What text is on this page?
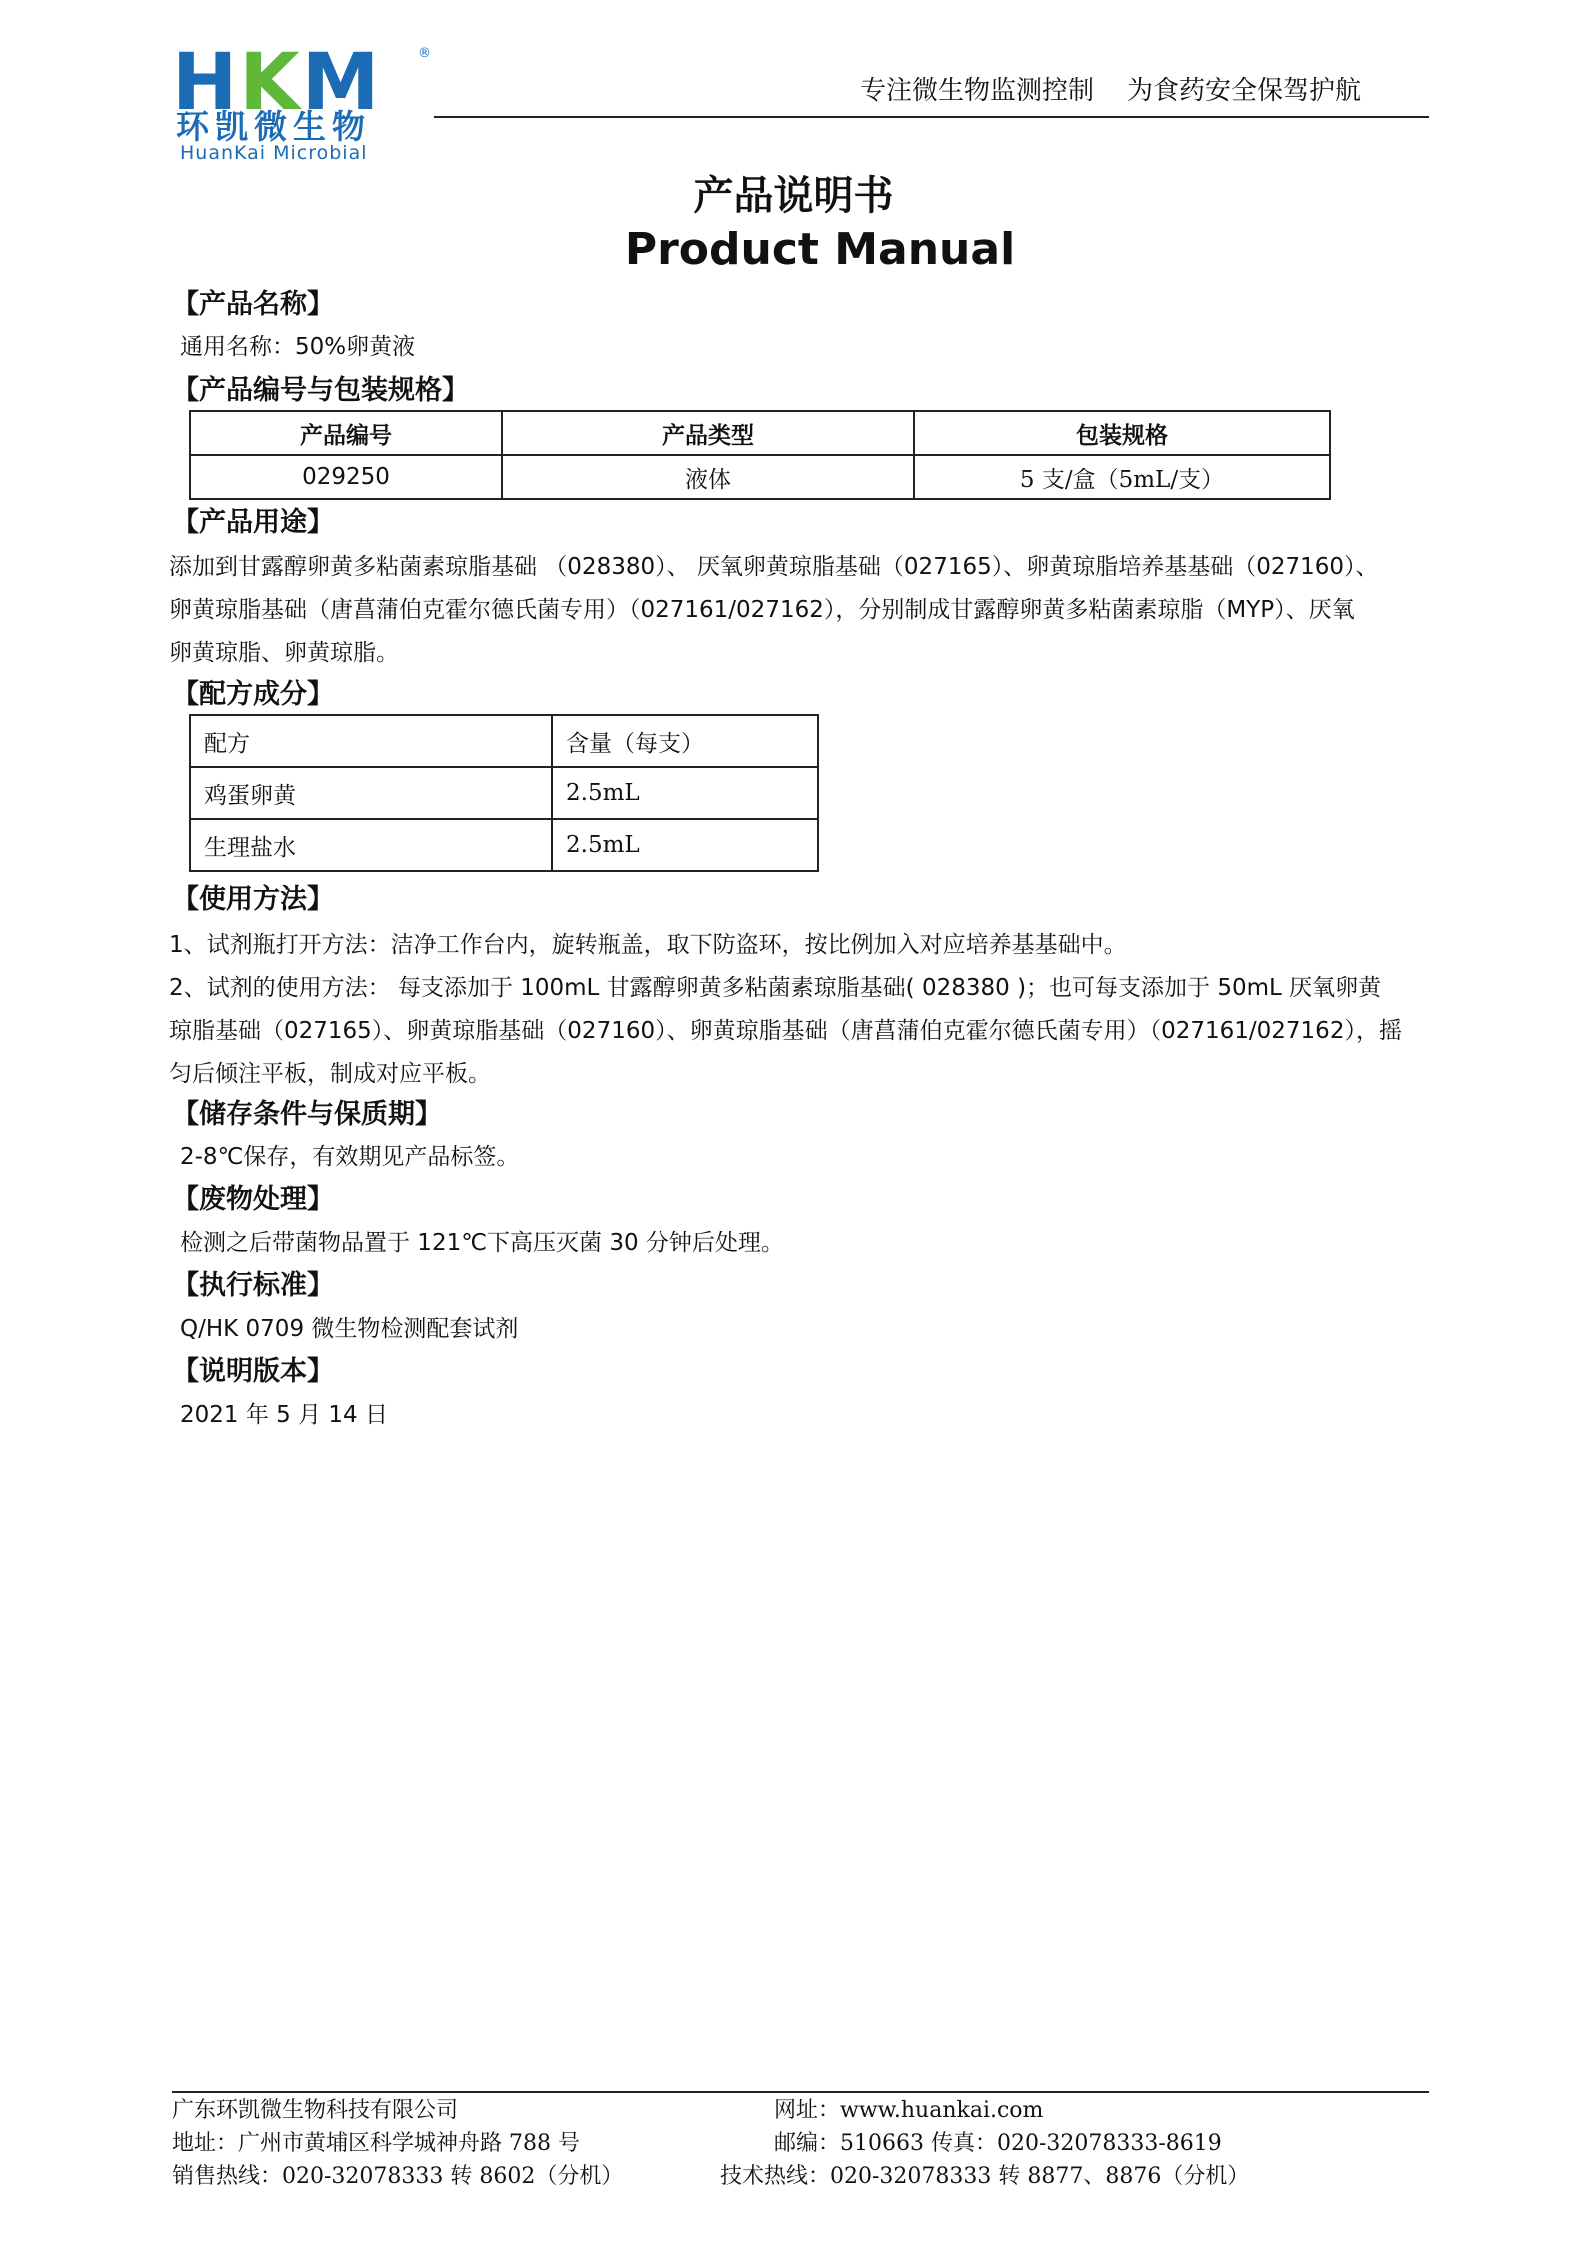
HKM	®
环凯微生物
HuanKai Microbial
专注微生物监测控制    为食药安全保驾护航
产品说明书
Product Manual
【产品名称】
通用名称：50%卵黄液
【产品编号与包装规格】
产品编号	产品类型	包装规格
029250	液体	5 支/盒（5mL/支）
【产品用途】
添加到甘露醇卵黄多粘菌素琼脂基础 （028380）、 厌氧卵黄琼脂基础（027165）、卵黄琼脂培养基基础（027160）、
卵黄琼脂基础（唐菖蒲伯克霍尔德氏菌专用）（027161/027162），分别制成甘露醇卵黄多粘菌素琼脂（MYP）、厌氧
卵黄琼脂、卵黄琼脂。
【配方成分】
配方	含量（每支）
鸡蛋卵黄	2.5mL
生理盐水	2.5mL
【使用方法】
1、试剂瓶打开方法：洁净工作台内，旋转瓶盖，取下防盗环，按比例加入对应培养基基础中。
2、试剂的使用方法： 每支添加于 100mL 甘露醇卵黄多粘菌素琼脂基础( 028380 )；也可每支添加于 50mL 厌氧卵黄
琼脂基础（027165）、卵黄琼脂基础（027160）、卵黄琼脂基础（唐菖蒲伯克霍尔德氏菌专用）（027161/027162），摇
匀后倾注平板，制成对应平板。
【储存条件与保质期】
2-8℃保存，有效期见产品标签。
【废物处理】
检测之后带菌物品置于 121℃下高压灭菌 30 分钟后处理。
【执行标准】
Q/HK 0709 微生物检测配套试剂
【说明版本】
2021 年 5 月 14 日
广东环凯微生物科技有限公司
地址：广州市黄埔区科学城神舟路 788 号
销售热线：020-32078333 转 8602（分机）
网址：www.huankai.com
邮编：510663 传真：020-32078333-8619
技术热线：020-32078333 转 8877、8876（分机）
